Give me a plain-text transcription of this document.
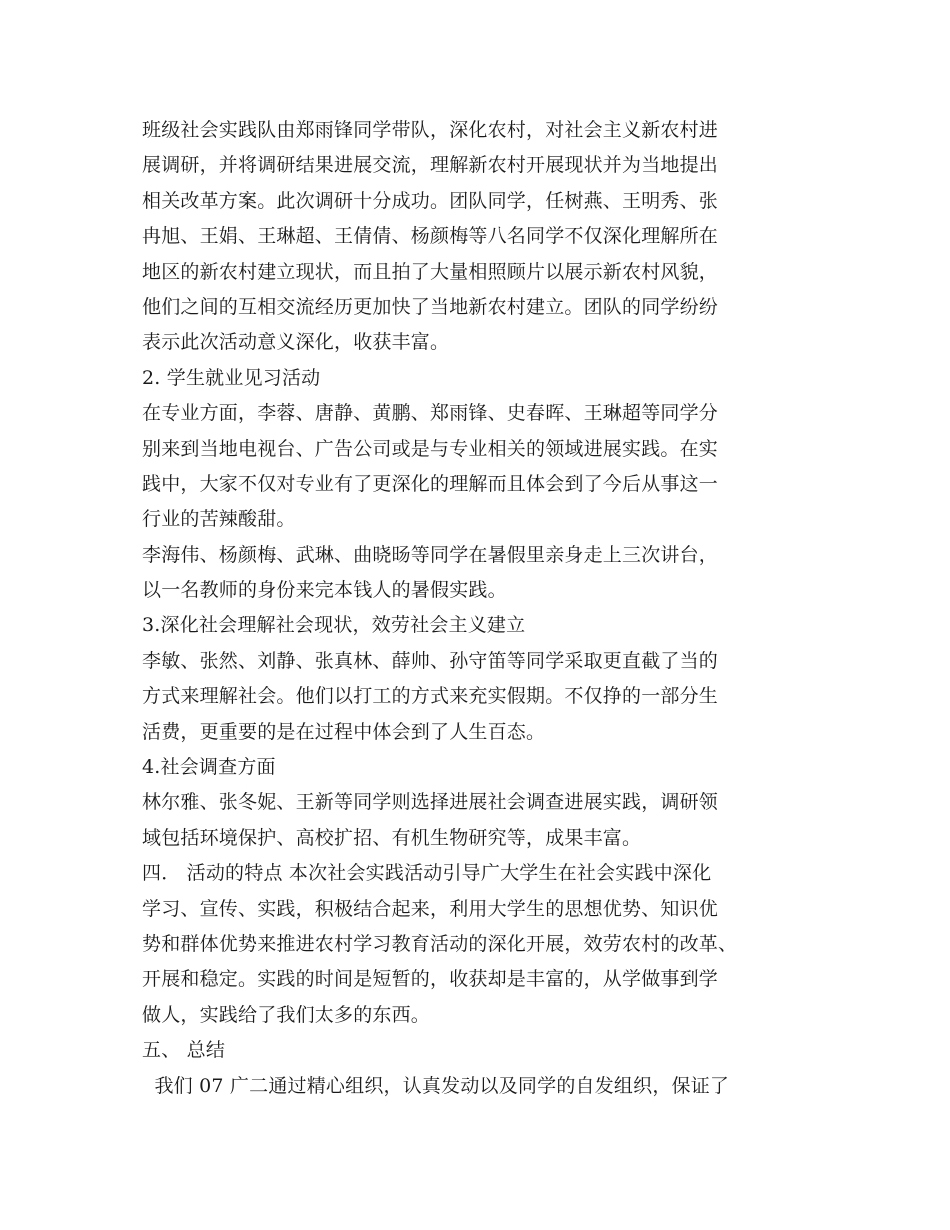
班级社会实践队由郑雨锋同学带队，深化农村，对社会主义新农村进
展调研，并将调研结果进展交流，理解新农村开展现状并为当地提出
相关改革方案。此次调研十分成功。团队同学，任树燕、王明秀、张
冉旭、王娟、王琳超、王倩倩、杨颜梅等八名同学不仅深化理解所在
地区的新农村建立现状，而且拍了大量相照顾片以展示新农村风貌，
他们之间的互相交流经历更加快了当地新农村建立。团队的同学纷纷
表示此次活动意义深化，收获丰富。
2. 学生就业见习活动
在专业方面，李蓉、唐静、黄鹏、郑雨锋、史春晖、王琳超等同学分
别来到当地电视台、广告公司或是与专业相关的领域进展实践。在实
践中，大家不仅对专业有了更深化的理解而且体会到了今后从事这一
行业的苦辣酸甜。
李海伟、杨颜梅、武琳、曲晓旸等同学在暑假里亲身走上三次讲台，
以一名教师的身份来完本钱人的暑假实践。
3.深化社会理解社会现状，效劳社会主义建立
李敏、张然、刘静、张真林、薛帅、孙守笛等同学采取更直截了当的
方式来理解社会。他们以打工的方式来充实假期。不仅挣的一部分生
活费，更重要的是在过程中体会到了人生百态。
4.社会调查方面
林尔雅、张冬妮、王新等同学则选择进展社会调查进展实践，调研领
域包括环境保护、高校扩招、有机生物研究等，成果丰富。
四． 活动的特点 本次社会实践活动引导广大学生在社会实践中深化
学习、宣传、实践，积极结合起来，利用大学生的思想优势、知识优
势和群体优势来推进农村学习教育活动的深化开展，效劳农村的改革、
开展和稳定。实践的时间是短暂的，收获却是丰富的，从学做事到学
做人，实践给了我们太多的东西。
五、 总结
我们 07 广二通过精心组织，认真发动以及同学的自发组织，保证了
